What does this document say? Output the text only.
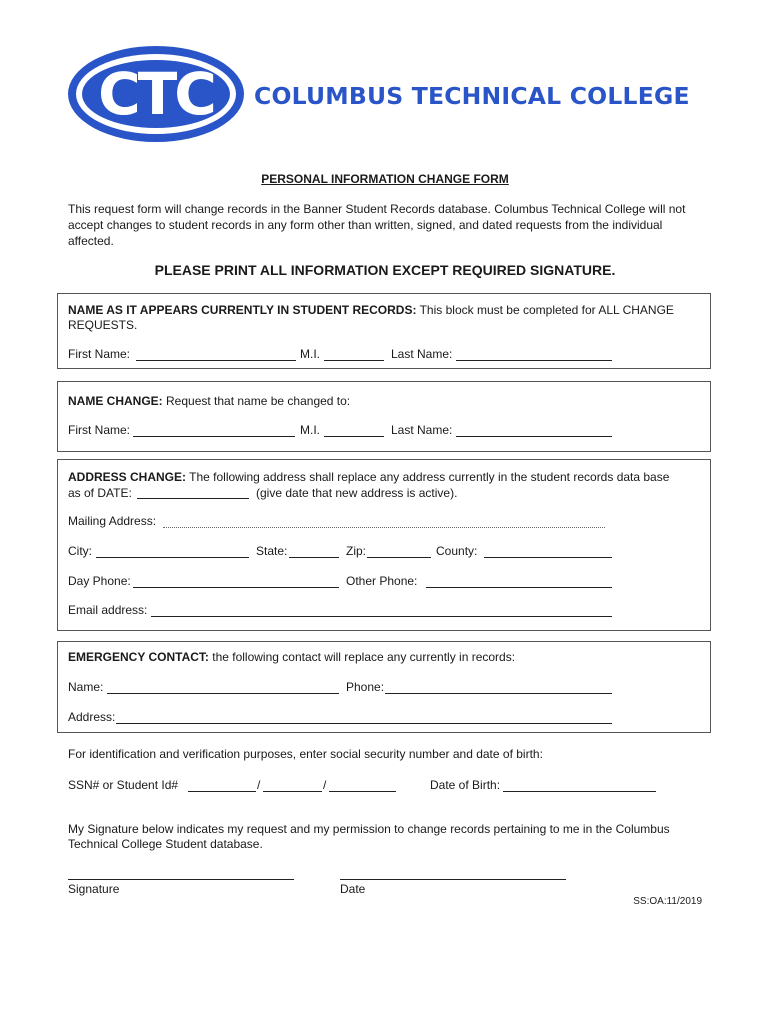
CTC COLUMBUS TECHNICAL COLLEGE
PERSONAL INFORMATION CHANGE FORM
This request form will change records in the Banner Student Records database. Columbus Technical College will not accept changes to student records in any form other than written, signed, and dated requests from the individual affected.
PLEASE PRINT ALL INFORMATION EXCEPT REQUIRED SIGNATURE.
NAME AS IT APPEARS CURRENTLY IN STUDENT RECORDS: This block must be completed for ALL CHANGE REQUESTS.
First Name:	M.I.	Last Name:
NAME CHANGE: Request that name be changed to:
First Name:	M.I.	Last Name:
ADDRESS CHANGE: The following address shall replace any address currently in the student records data base
as of DATE:	(give date that new address is active).
Mailing Address:
City:	State:	Zip:	County:
Day Phone:	Other Phone:
Email address:
EMERGENCY CONTACT: the following contact will replace any currently in records:
Name:	Phone:
Address:
For identification and verification purposes, enter social security number and date of birth:
SSN# or Student Id#	/	/	Date of Birth:
My Signature below indicates my request and my permission to change records pertaining to me in the Columbus Technical College Student database.
Signature	Date
SS:OA:11/2019
